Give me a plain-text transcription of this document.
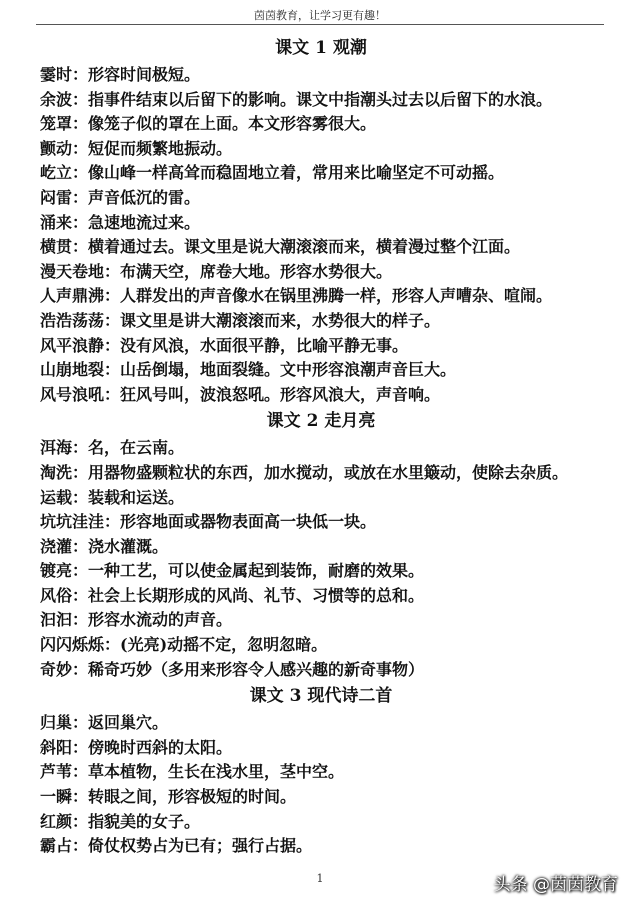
茵茵教育，让学习更有趣！
课文 1 观潮
霎时：形容时间极短。
余波：指事件结束以后留下的影响。课文中指潮头过去以后留下的水浪。
笼罩：像笼子似的罩在上面。本文形容雾很大。
颤动：短促而频繁地振动。
屹立：像山峰一样高耸而稳固地立着，常用来比喻坚定不可动摇。
闷雷：声音低沉的雷。
涌来：急速地流过来。
横贯：横着通过去。课文里是说大潮滚滚而来，横着漫过整个江面。
漫天卷地：布满天空，席卷大地。形容水势很大。
人声鼎沸：人群发出的声音像水在锅里沸腾一样，形容人声嘈杂、喧闹。
浩浩荡荡：课文里是讲大潮滚滚而来，水势很大的样子。
风平浪静：没有风浪，水面很平静，比喻平静无事。
山崩地裂：山岳倒塌，地面裂缝。文中形容浪潮声音巨大。
风号浪吼：狂风号叫，波浪怒吼。形容风浪大，声音响。
课文 2 走月亮
洱海：名，在云南。
淘洗：用器物盛颗粒状的东西，加水搅动，或放在水里簸动，使除去杂质。
运载：装载和运送。
坑坑洼洼：形容地面或器物表面高一块低一块。
浇灌：浇水灌溉。
镀亮：一种工艺，可以使金属起到装饰，耐磨的效果。
风俗：社会上长期形成的风尚、礼节、习惯等的总和。
汩汩：形容水流动的声音。
闪闪烁烁：(光亮)动摇不定，忽明忽暗。
奇妙：稀奇巧妙（多用来形容令人感兴趣的新奇事物）
课文 3 现代诗二首
归巢：返回巢穴。
斜阳：傍晚时西斜的太阳。
芦苇：草本植物，生长在浅水里，茎中空。
一瞬：转眼之间，形容极短的时间。
红颜：指貌美的女子。
霸占：倚仗权势占为已有；强行占据。
1	头条 @茵茵教育
